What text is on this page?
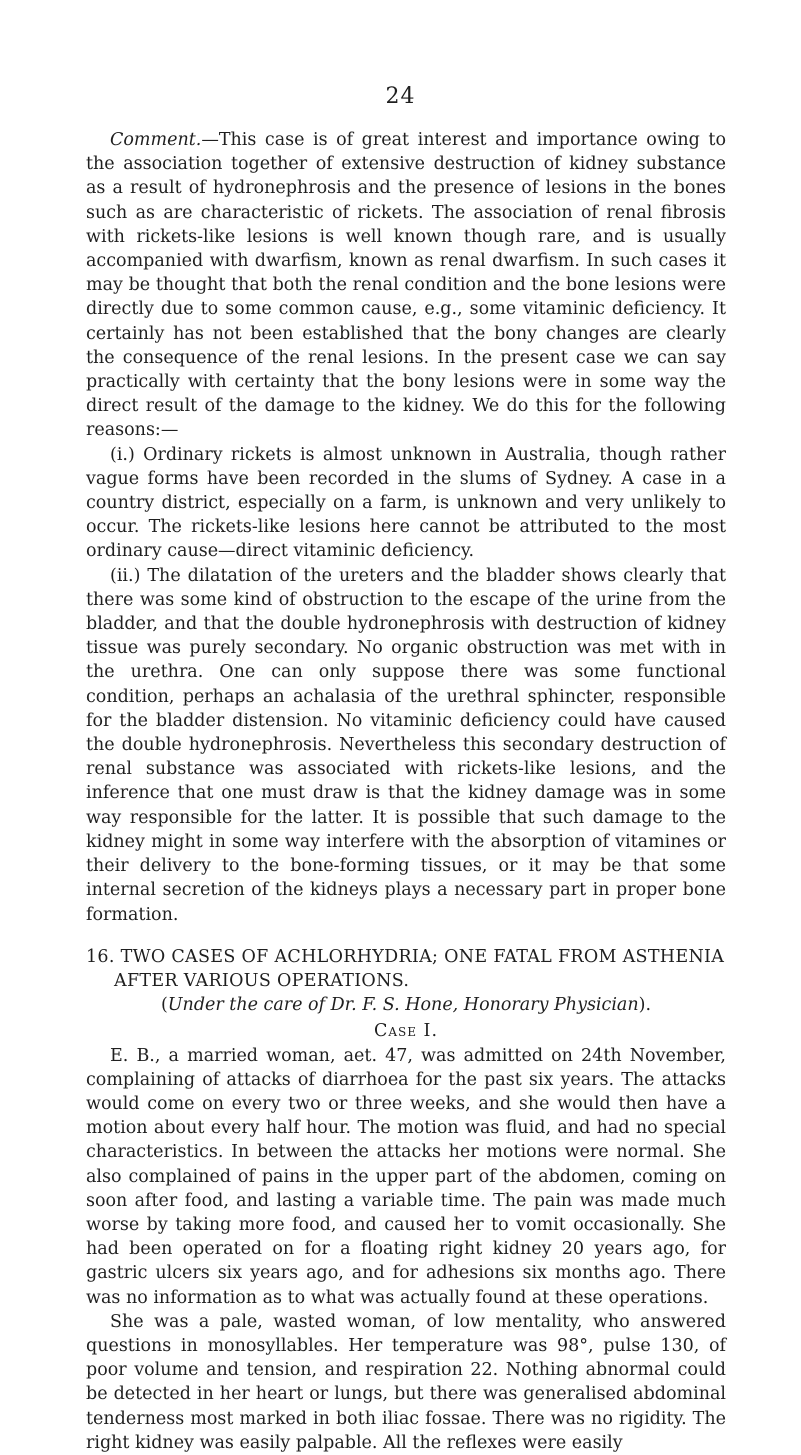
24

Comment.—This case is of great interest and importance owing to the association together of extensive destruction of kidney substance as a result of hydronephrosis and the presence of lesions in the bones such as are characteristic of rickets. The association of renal fibrosis with rickets-like lesions is well known though rare, and is usually accompanied with dwarfism, known as renal dwarfism. In such cases it may be thought that both the renal condition and the bone lesions were directly due to some common cause, e.g., some vitaminic deficiency. It certainly has not been established that the bony changes are clearly the consequence of the renal lesions. In the present case we can say practically with certainty that the bony lesions were in some way the direct result of the damage to the kidney. We do this for the following reasons:—

(i.) Ordinary rickets is almost unknown in Australia, though rather vague forms have been recorded in the slums of Sydney. A case in a country district, especially on a farm, is unknown and very unlikely to occur. The rickets-like lesions here cannot be attributed to the most ordinary cause—direct vitaminic deficiency.

(ii.) The dilatation of the ureters and the bladder shows clearly that there was some kind of obstruction to the escape of the urine from the bladder, and that the double hydronephrosis with destruction of kidney tissue was purely secondary. No organic obstruction was met with in the urethra. One can only suppose there was some functional condition, perhaps an achalasia of the urethral sphincter, responsible for the bladder distension. No vitaminic deficiency could have caused the double hydronephrosis. Nevertheless this secondary destruction of renal substance was associated with rickets-like lesions, and the inference that one must draw is that the kidney damage was in some way responsible for the latter. It is possible that such damage to the kidney might in some way interfere with the absorption of vitamines or their delivery to the bone-forming tissues, or it may be that some internal secretion of the kidneys plays a necessary part in proper bone formation.

16. TWO CASES OF ACHLORHYDRIA; ONE FATAL FROM ASTHENIA AFTER VARIOUS OPERATIONS.

(Under the care of Dr. F. S. Hone, Honorary Physician).

Case I.

E. B., a married woman, aet. 47, was admitted on 24th November, complaining of attacks of diarrhoea for the past six years. The attacks would come on every two or three weeks, and she would then have a motion about every half hour. The motion was fluid, and had no special characteristics. In between the attacks her motions were normal. She also complained of pains in the upper part of the abdomen, coming on soon after food, and lasting a variable time. The pain was made much worse by taking more food, and caused her to vomit occasionally. She had been operated on for a floating right kidney 20 years ago, for gastric ulcers six years ago, and for adhesions six months ago. There was no information as to what was actually found at these operations.

She was a pale, wasted woman, of low mentality, who answered questions in monosyllables. Her temperature was 98°, pulse 130, of poor volume and tension, and respiration 22. Nothing abnormal could be detected in her heart or lungs, but there was generalised abdominal tenderness most marked in both iliac fossae. There was no rigidity. The right kidney was easily palpable. All the reflexes were easily
